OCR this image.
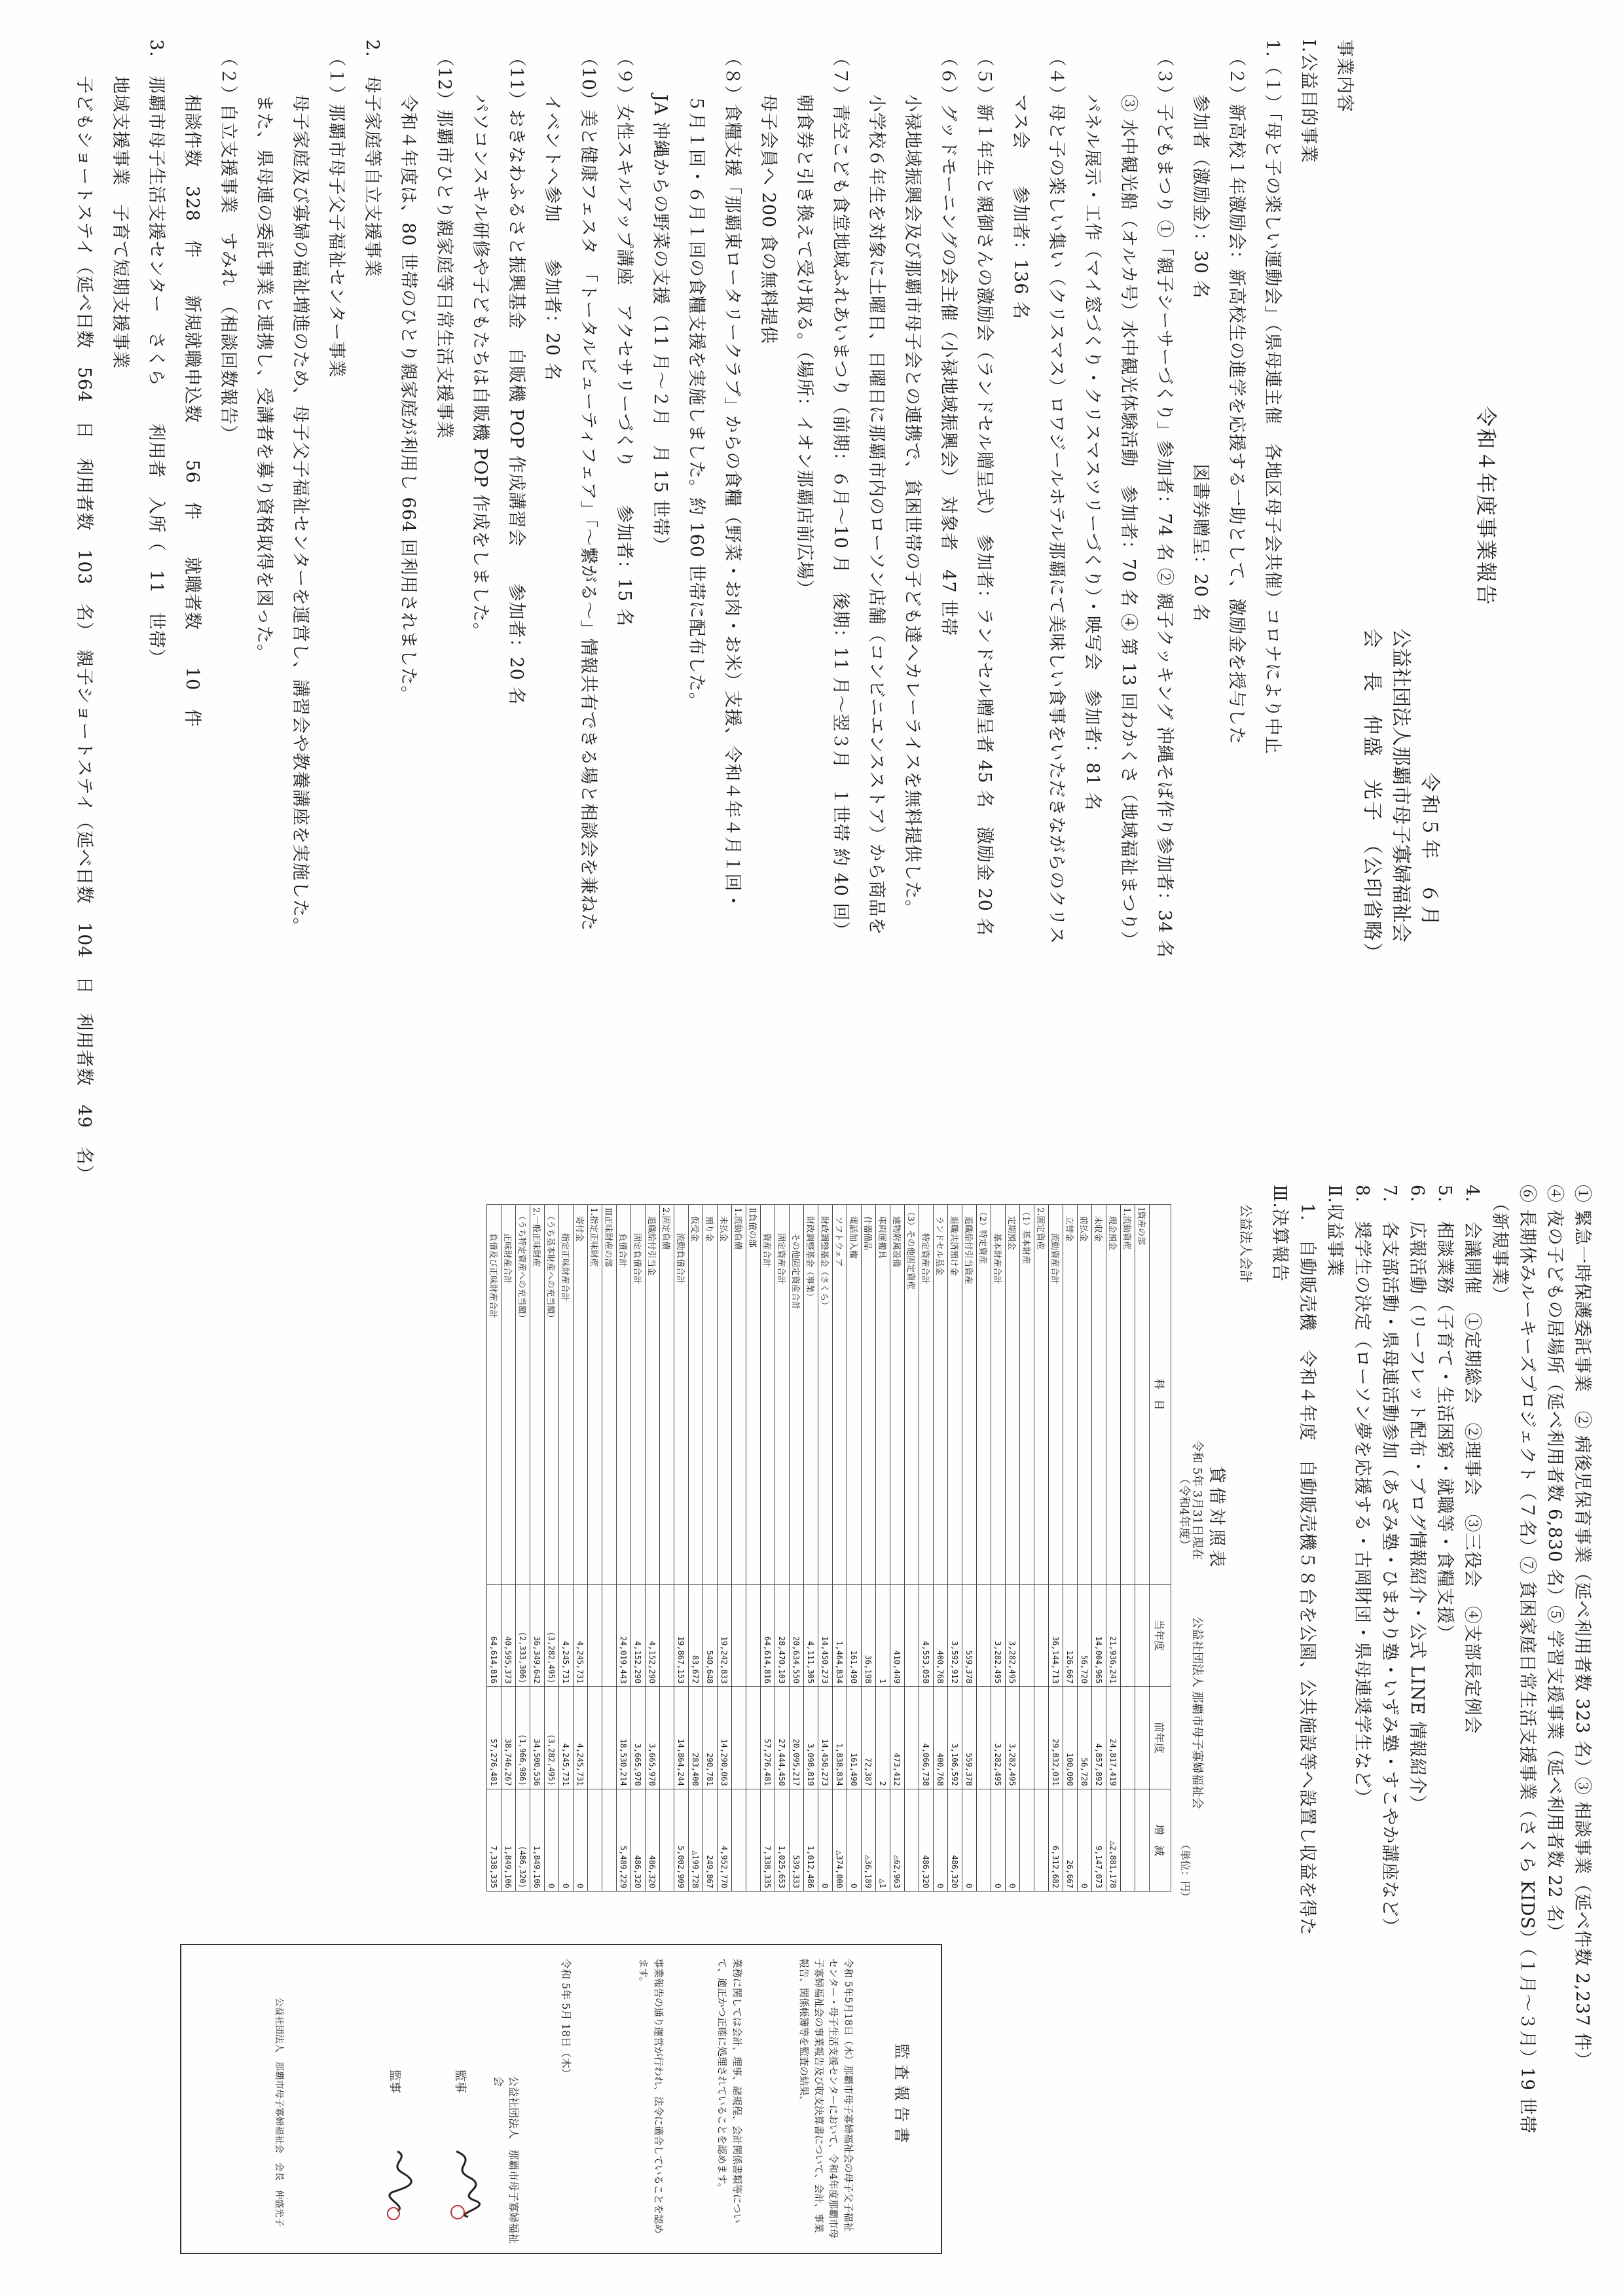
令和４年度事業報告
令和５年　６月
公益社団法人那覇市母子寡婦福祉会
会　長　仲盛　光子　（公印省略）
事業内容
Ⅰ.公益目的事業
1.（１）「母と子の楽しい運動会」（県母連主催　各地区母子会共催）コロナにより中止
　（２）新高校１年激励会：新高校生の進学を応援する一助として、激励金を授与した
　　　参加者（激励金）：30 名　　　　　　　　　図書券贈呈：20 名
　（３）子どもまつり ①「親子シーサーづくり」参加者：74 名 ② 親子クッキング 沖縄そば作り参加者：34 名
　　　③ 水中観光船（オルカ号）水中観光体験活動　参加者：70 名 ④ 第 13 回わかくさ（地域福祉まつり）
　　　パネル展示・工作（マイ窓づくり・クリスマスツリーづくり）・映写会　参加者：81 名
　（４）母と子の楽しい集い（クリスマス）ロワジールホテル那覇にて美味しい食事をいただきながらのクリス
　　　マス会　　参加者：136 名
　（５）新１年生と親御さんの激励会（ランドセル贈呈式）　参加者：ランドセル贈呈者 45 名　激励金 20 名
　（６）グッドモーニングの会主催（小禄地域振興会）　対象者　47 世帯
　　　小禄地域振興会及び那覇市母子会との連携で、貧困世帯の子ども達へカレーライスを無料提供した。
　　　小学校６年生を対象に土曜日、日曜日に那覇市内のローソン店舗（コンビニエンスストア）から商品を
　（７）青空こども食堂地域ふれあいまつり（前期：６月〜10 月　後期：11 月〜翌３月　１世帯 約 40 回）
　　　朝食券と引き換えて受け取る。（場所：イオン那覇店前広場）
　　　母子会員へ 200 食の無料提供
　（８）食糧支援「那覇東ロータリークラブ」からの食糧（野菜・お肉・お米）支援、令和４年４月１回・
　　　５月１回・６月１回の食糧支援を実施しました。約 160 世帯に配布した。
　　　JA 沖縄からの野菜の支援（11 月〜２月　月 15 世帯）
　（９）女性スキルアップ講座　アクセサリーづくり　　参加者：15 名
　（10）美と健康フェスタ　「トータルビューティフェア」「〜繋がる〜」情報共有できる場と相談会を兼ねた
　　　イベントへ参加　　参加者：20 名
　（11）おきなわふるさと振興基金　自販機 POP 作成講習会　　参加者：20 名
　　　パソコンスキル研修や子どもたちは自販機 POP 作成をしました。
　（12）那覇市ひとり親家庭等日常生活支援事業
　　　令和４年度は、80 世帯のひとり親家庭が利用し 664 回利用されました。
2.　母子家庭等自立支援事業
　（１）那覇市母子父子福祉センター事業
　　　母子家庭及び寡婦の福祉増進のため、母子父子福祉センターを運営し、講習会や教養講座を実施した。
　　　また、県母連の委託事業と連携し、受講者を募り資格取得を図った。
　（２）自立支援事業　すみれ　（相談回数報告）
　　　相談件数　328　件　　新規就職申込数　　56　件　　就職者数　　10　件
3.　那覇市母子生活支援センター　さくら　　利用者　入所（　11　世帯）
　　地域支援事業　子育て短期支援事業
　　子どもショートステイ（延べ日数　564　日　利用者数　103　名）　親子ショートステイ（延べ日数　104　日　利用者数　49　名）
① 緊急一時保護委託事業　② 病後児保育事業（延べ利用者数 323 名）③ 相談事業（延べ件数 2,237 件）
④ 夜の子どもの居場所（延べ利用者数 6,830 名）⑤ 学習支援事業（延べ利用者数 22 名）
⑥ 長期休みルーキーズプロジェクト（７名）⑦ 貧困家庭日常生活支援事業（さくら KIDS）（１月〜３月）19 世帯
　（新規事業）
4.　会議開催　①定期総会　②理事会　③三役会　④支部長定例会
5.　相談業務（子育て・生活困窮・就職等・食糧支援）
6.　広報活動（リーフレット配布・ブログ情報紹介・公式 LINE 情報紹介）
7.　各支部活動・県母連活動参加（あざみ塾・ひまわり塾・いずみ塾・すこやか講座など）
8.　奨学生の決定（ローソン夢を応援する・古岡財団・県母連奨学生など）
Ⅱ.収益事業
　1.　自動販売機　令和４年度　自動販売機５８台を公園、公共施設等へ設置し収益を得た
Ⅲ.決算報告
公益法人会計
貸借対照表
令和 5年 3月31日現在
（令和4年度）
公益社団法人 那覇市母子寡婦福祉会
（単位：円）
科　目	当年度	前年度	増　減
Ⅰ資産の部			
1.流動資産			
　現金預金	21,936,241	24,817,419	△2,881,178
　未収金	14,004,965	4,857,892	9,147,073
　前払金	56,720	56,720	0
　立替金	126,667	100,000	26,667
　　　流動資産合計	36,144,713	29,832,031	6,312,682
2.固定資産			
（1）基本財産			
　定期預金	3,282,495	3,282,495	0
　　　基本財産合計	3,282,495	3,282,495	0
（2）特定資産			
　退職給付引当資産	559,378	559,378	0
　退職共済預け金	3,592,912	3,106,592	486,320
　ランドセル基金	400,768	400,768	0
　　　特定資産合計	4,553,058	4,066,738	486,320
（3）その他固定資産			
　建物附属設備	410,449	473,412	△62,963
　車両運搬具	1	2	△1
　什器備品	36,198	72,387	△36,189
　電話加入権	161,490	161,490	0
　ソフトウェア	1,464,834	1,838,834	△374,000
　財政調整基金（さくら）	14,450,273	14,450,273	0
　財政調整基金（事業）	4,111,305	3,098,819	1,012,486
　　　その他固定資産合計	20,634,550	20,095,217	539,333
　　　固定資産合計	28,470,103	27,444,450	1,025,653
　　　資産合計	64,614,816	57,276,481	7,338,335
Ⅱ負債の部			
1.流動負債			
　未払金	19,242,833	14,290,063	4,952,770
　預り金	540,648	290,781	249,867
　仮受金	83,672	283,400	△199,728
　　　流動負債合計	19,867,153	14,864,244	5,002,909
2.固定負債			
　退職給付引当金	4,152,290	3,665,970	486,320
　　　固定負債合計	4,152,290	3,665,970	486,320
　　　負債合計	24,019,443	18,530,214	5,489,229
Ⅲ正味財産の部			
1.指定正味財産			
　寄付金	4,245,731	4,245,731	0
　　　指定正味財産合計	4,245,731	4,245,731	0
　（うち基本財産への充当額）	(3,282,495)	(3,282,495)	0
2.一般正味財産	36,349,642	34,500,536	1,849,106
　（うち特定資産への充当額）	(2,333,306)	(1,966,986)	(486,320)
　　　正味財産合計	40,595,373	38,746,267	1,849,106
　　　負債及び正味財産合計	64,614,816	57,276,481	7,338,335
監査報告書
令和 5年5月18日（木）那覇市母子寡婦福祉会の母子父子福祉センター・母子生活支援センターにおいて、令和4年度那覇市母子寡婦福祉会の事業報告及び収支決算書について、会計、事業報告、関係帳簿等を監査の結果、
業務に関しては会計、理事、諸規程、会計関係書類等について、適正かつ正確に処理されていることを認めます。
事業報告の通り運営が行われ、法令に適合していることを認めます。
令和 5年 5月 18日（木）
公益社団法人　那覇市母子寡婦福祉会
監事
監事
公益社団法人　那覇市母子寡婦福祉会　会長　仲盛光子
